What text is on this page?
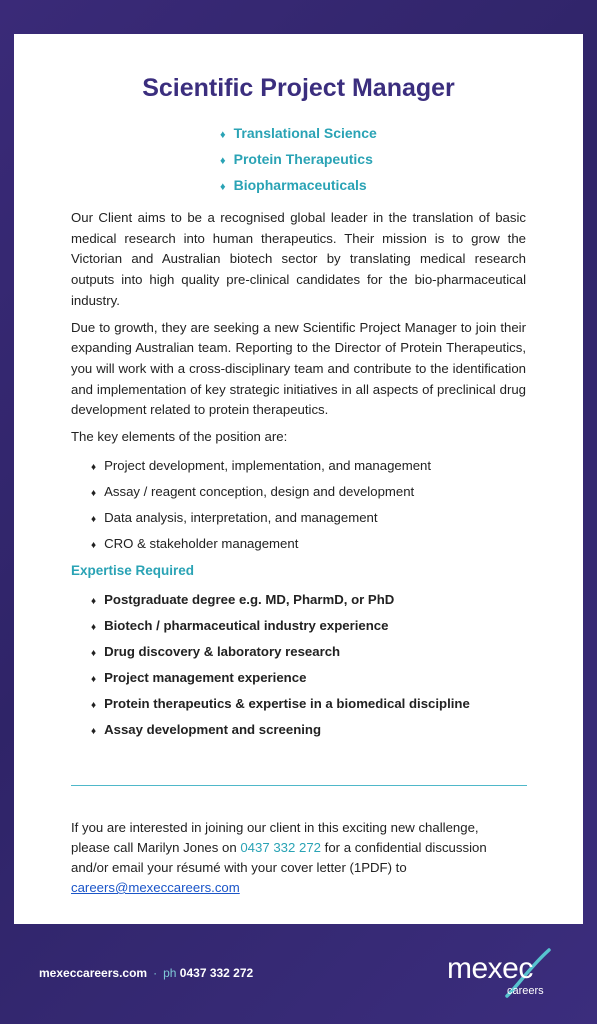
Scientific Project Manager
♦ Translational Science
♦ Protein Therapeutics
♦ Biopharmaceuticals

Our Client aims to be a recognised global leader in the translation of basic medical research into human therapeutics. Their mission is to grow the Victorian and Australian biotech sector by translating medical research outputs into high quality pre-clinical candidates for the bio-pharmaceutical industry.

Due to growth, they are seeking a new Scientific Project Manager to join their expanding Australian team. Reporting to the Director of Protein Therapeutics, you will work with a cross-disciplinary team and contribute to the identification and implementation of key strategic initiatives in all aspects of preclinical drug development related to protein therapeutics.

The key elements of the position are:

♦ Project development, implementation, and management
♦ Assay / reagent conception, design and development
♦ Data analysis, interpretation, and management
♦ CRO & stakeholder management
Expertise Required
♦ Postgraduate degree e.g. MD, PharmD, or PhD
♦ Biotech / pharmaceutical industry experience
♦ Drug discovery & laboratory research
♦ Project management experience
♦ Protein therapeutics & expertise in a biomedical discipline
♦ Assay development and screening
If you are interested in joining our client in this exciting new challenge, please call Marilyn Jones on 0437 332 272 for a confidential discussion and/or email your résumé with your cover letter (1PDF) to careers@mexeccareers.com
mexeccareers.com · ph 0437 332 272	mexec
careers
